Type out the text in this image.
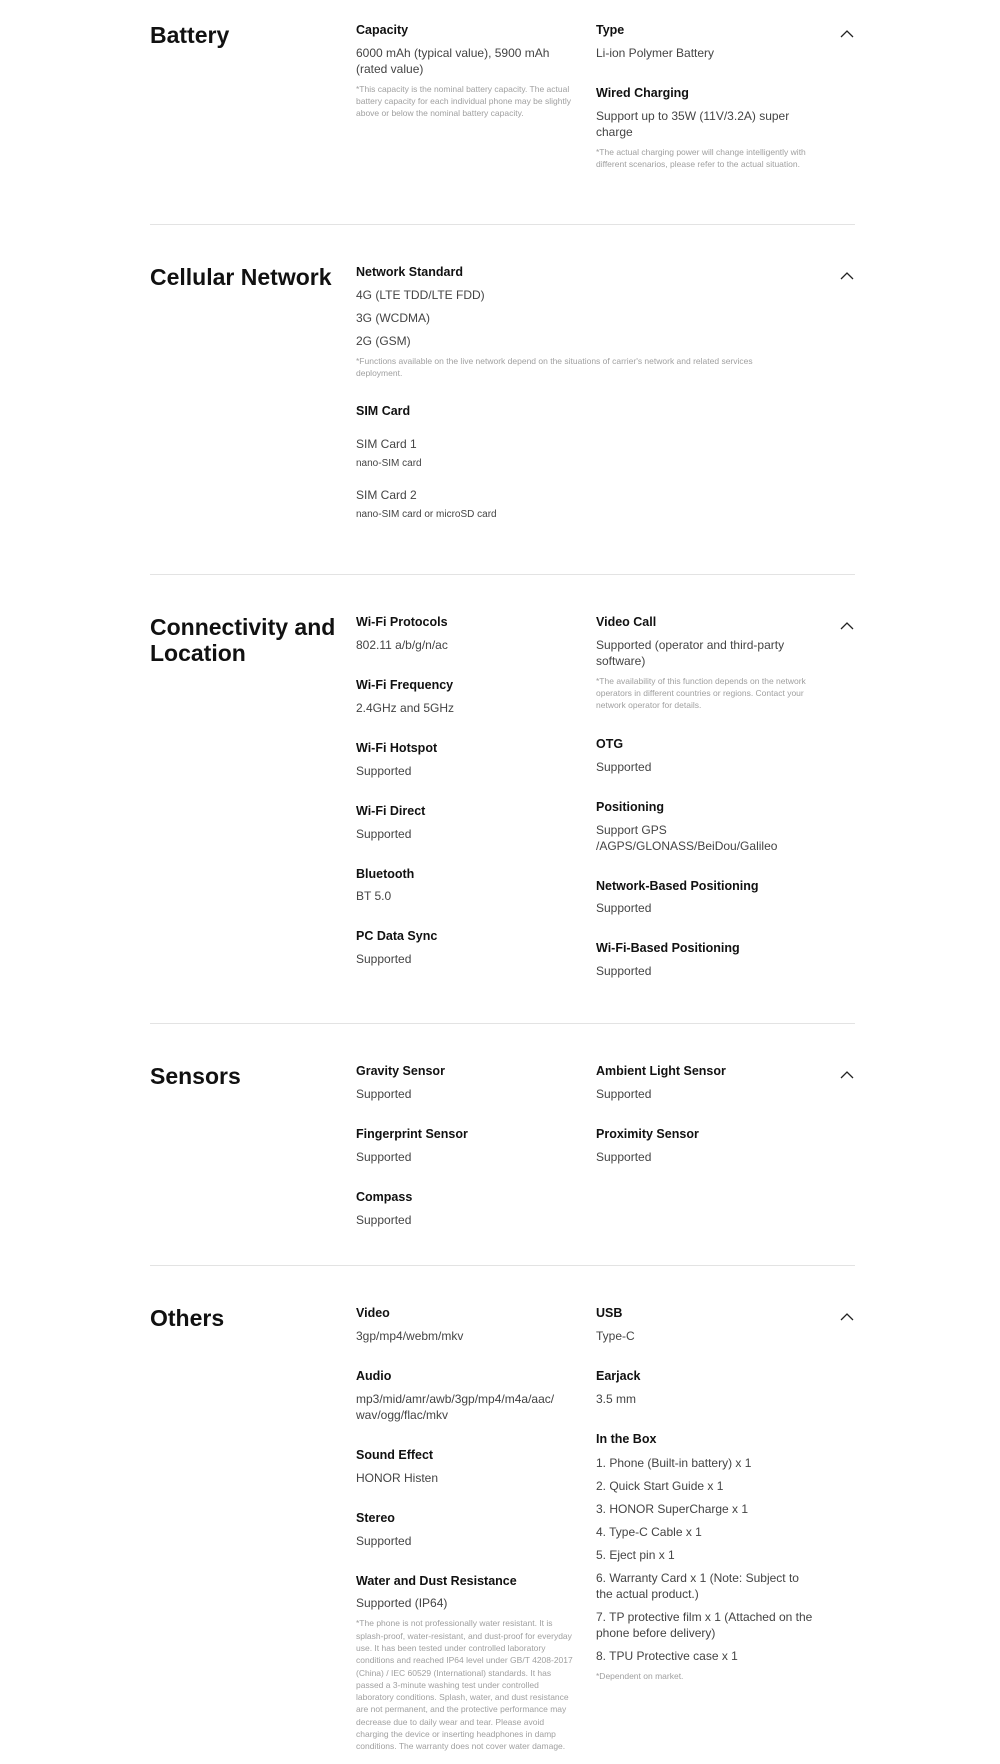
Battery	Capacity
6000 mAh (typical value), 5900 mAh (rated value)
*This capacity is the nominal battery capacity. The actual battery capacity for each individual phone may be slightly above or below the nominal battery capacity.
Type
Li-ion Polymer Battery
Wired Charging
Support up to 35W (11V/3.2A) super charge
*The actual charging power will change intelligently with different scenarios, please refer to the actual situation.
Cellular Network	Network Standard
4G (LTE TDD/LTE FDD)
3G (WCDMA)
2G (GSM)
*Functions available on the live network depend on the situations of carrier's network and related services deployment.
SIM Card
SIM Card 1
nano-SIM card
SIM Card 2
nano-SIM card or microSD card
Connectivity and Location
Wi-Fi Protocols
802.11 a/b/g/n/ac
Wi-Fi Frequency
2.4GHz and 5GHz
Wi-Fi Hotspot
Supported
Wi-Fi Direct
Supported
Bluetooth
BT 5.0
PC Data Sync
Supported
Video Call
Supported (operator and third-party software)
*The availability of this function depends on the network operators in different countries or regions. Contact your network operator for details.
OTG
Supported
Positioning
Support GPS /AGPS/GLONASS/BeiDou/Galileo
Network-Based Positioning
Supported
Wi-Fi-Based Positioning
Supported
Sensors	Gravity Sensor
Supported
Fingerprint Sensor
Supported
Compass
Supported
Ambient Light Sensor
Supported
Proximity Sensor
Supported
Others	Video
3gp/mp4/webm/mkv
Audio
mp3/mid/amr/awb/3gp/mp4/m4a/aac/ wav/ogg/flac/mkv
Sound Effect
HONOR Histen
Stereo
Supported
Water and Dust Resistance
Supported (IP64)
*The phone is not professionally water resistant. It is splash-proof, water-resistant, and dust-proof for everyday use. It has been tested under controlled laboratory conditions and reached IP64 level under GB/T 4208-2017 (China) / IEC 60529 (International) standards. It has passed a 3-minute washing test under controlled laboratory conditions. Splash, water, and dust resistance are not permanent, and the protective performance may decrease due to daily wear and tear. Please avoid charging the device or inserting headphones in damp conditions. The warranty does not cover water damage.
USB
Type-C
Earjack
3.5 mm
In the Box
1. Phone (Built-in battery) x 1
2. Quick Start Guide x 1
3. HONOR SuperCharge x 1
4. Type-C Cable x 1
5. Eject pin x 1
6. Warranty Card x 1 (Note: Subject to the actual product.)
7. TP protective film x 1 (Attached on the phone before delivery)
8. TPU Protective case x 1
*Dependent on market.
